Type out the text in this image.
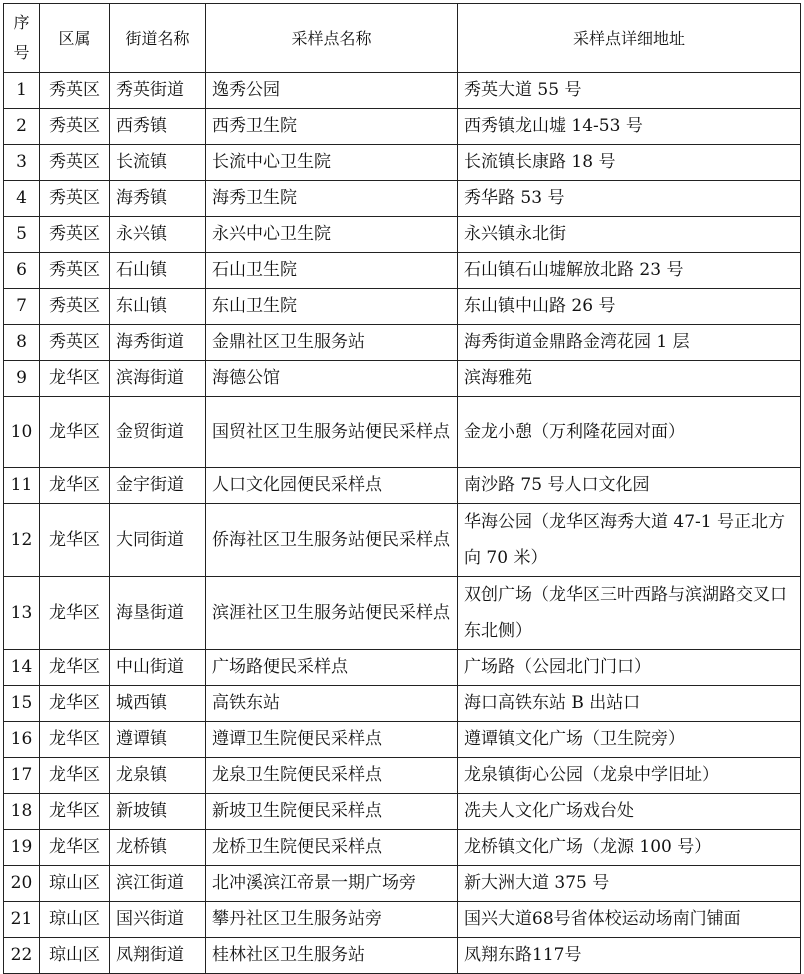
序号	区属	街道名称	采样点名称	采样点详细地址
1	秀英区	秀英街道	逸秀公园	秀英大道 55 号
2	秀英区	西秀镇	西秀卫生院	西秀镇龙山墟 14-53 号
3	秀英区	长流镇	长流中心卫生院	长流镇长康路 18 号
4	秀英区	海秀镇	海秀卫生院	秀华路 53 号
5	秀英区	永兴镇	永兴中心卫生院	永兴镇永北街
6	秀英区	石山镇	石山卫生院	石山镇石山墟解放北路 23 号
7	秀英区	东山镇	东山卫生院	东山镇中山路 26 号
8	秀英区	海秀街道	金鼎社区卫生服务站	海秀街道金鼎路金湾花园 1 层
9	龙华区	滨海街道	海德公馆	滨海雅苑
10	龙华区	金贸街道	国贸社区卫生服务站便民采样点	金龙小憩（万利隆花园对面）
11	龙华区	金宇街道	人口文化园便民采样点	南沙路 75 号人口文化园
12	龙华区	大同街道	侨海社区卫生服务站便民采样点	华海公园（龙华区海秀大道 47-1 号正北方向 70 米）
13	龙华区	海垦街道	滨涯社区卫生服务站便民采样点	双创广场（龙华区三叶西路与滨湖路交叉口东北侧）
14	龙华区	中山街道	广场路便民采样点	广场路（公园北门门口）
15	龙华区	城西镇	高铁东站	海口高铁东站 B 出站口
16	龙华区	遵谭镇	遵谭卫生院便民采样点	遵谭镇文化广场（卫生院旁）
17	龙华区	龙泉镇	龙泉卫生院便民采样点	龙泉镇街心公园（龙泉中学旧址）
18	龙华区	新坡镇	新坡卫生院便民采样点	冼夫人文化广场戏台处
19	龙华区	龙桥镇	龙桥卫生院便民采样点	龙桥镇文化广场（龙源 100 号）
20	琼山区	滨江街道	北冲溪滨江帝景一期广场旁	新大洲大道 375 号
21	琼山区	国兴街道	攀丹社区卫生服务站旁	国兴大道68号省体校运动场南门铺面
22	琼山区	凤翔街道	桂林社区卫生服务站	凤翔东路117号
